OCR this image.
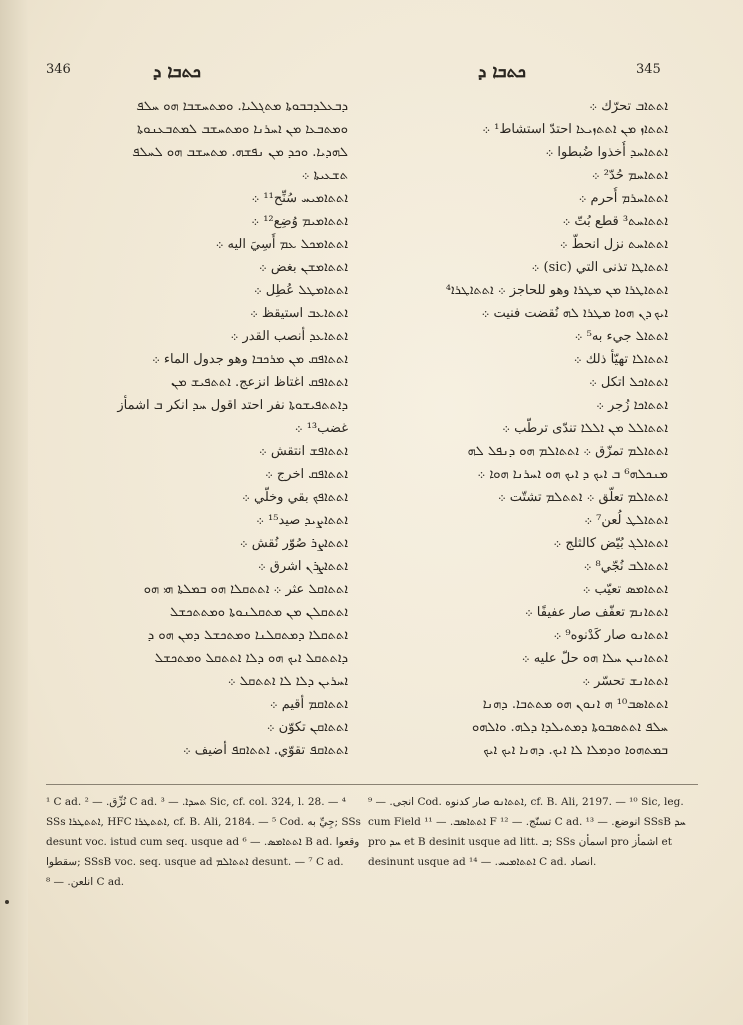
346	ܟܬܒܐ ܕ	ܟܬܒܐ ܕ	345
ܕܒܥܠܕܒܒܘܬܐ ܡܬܓܠܝܐ. ܘܡܬܚܫܒܐ ܗܘ ܚܠܦ
ܘܡܬܒܥܐ ܡܢ ܐܚܪܢܐ ܘܡܬܚܫܒ ܠܡܬܒܥܢܘܬܐ
ܠܗܕܝܐ. ܘܟܕ ܡܢ ܢܦܫܗ. ܡܬܚܫܒ ܗܘ ܠܚܠܦ
ܬܫܥܝܬܐ ܀
ܐܬܬܐܡܝܚ سُنِّح¹¹ ܀
ܐܬܬܐܡܝܡ وُضِع¹² ܀
ܐܬܬܐܡܟܠ ܥܡ أَسِيَ اليه ܀
ܐܬܬܐܡܫܢ بغض ܀
ܐܬܬܐܡܛܠ عُطِل ܀
ܐܬܬܐܥܒ استيقظ ܀
ܐܬܬܐܥܕ أنصب القدر ܀
ܐܬܬܐܦܩ ܡܢ ܡܪܟܒܐ وهو جدول الماء ܀
ܐܬܬܐܦܩ اغتاظ انزعج. ܐܬܬܦܝܫ ܡܢ
ܕܐܬܬܦܝܫܘܬܐ نفر احتد اقول ܚܕ انكر ܒ اشمأز
غضب¹³ ܀
ܐܬܬܐܦܫ انتقش ܀
ܐܬܬܐܦܩ اخرج ܀
ܐܬܬܐܦܟ بقي وخلّي ܀
ܐܬܬܐܨܝܕ صيد¹⁵ ܀
ܐܬܬܐܨܪ صُوّر نُقش ܀
ܐܬܬܐܨܪܢ اشرق ܀
ܐܬܬܐܩܠ عثر ܀ ܐܬܬܩܠܐ ܗܘ ܒܡܠܬܐ ܗܝ ܗܘ
ܐܬܬܩܠܢ ܡܢ ܡܬܩܠܢܘܬܐ ܘܡܬܬܟܫܠ
ܐܬܬܩܠܐ ܕܡܬܩܠܢܐ ܘܡܬܟܫܠ ܕܡܢ ܗܘ ܕ
ܕܐܬܬܩܠ ܐܝܟ ܗܘ ܕܠܐ ܐܬܬܩܠ ܘܡܬܟܫܠ
ܐܚܪܝܢ ܕܠܐ ܠܐ ܐܬܬܩܠ ܀
ܐܬܬܐܩܡ أقيم ܀
ܐܬܬܐܩܢ تكوّن ܀
ܐܬܬܐܩܦ تقوّي. ܐܬܬܐܩܦ أضيف ܀
ܐܬܬܐܒ تحرّك ܀
ܐܬܬܐܙ ܡܢ ܐܬܬܙܝܥܐ احتدّ استشاط¹ ܀
ܐܬܬܐܚܕ أُخذوا ضُبطوا ܀
ܐܬܬܐܚܡ حُدّ² ܀
ܐܬܬܐܚܪܡ أُحرم ܀
ܐܬܬܐܚܬ³ قطع بُتّ ܀
ܐܬܬܐܚܬ نزل انحطّ ܀
ܐܬܬܐܛܐ تذنى التي (sic) ܀
ܐܬܬܐܛܪܐ ܡܢ ܡܛܪܐ وهو للحاجز ܀ ܐܬܬܐܛܪܐ⁴
ܐܝܟ ܕܢ ܗܘܐ ܡܛܪܐ ܠܗ نُقضت فنيت ܀
ܐܬܬܐܠ جيء به⁵ ܀
ܐܬܬܐܠܐ تهيّأ ذلك ܀
ܐܬܬܐܟܠ اتكل ܀
ܐܬܬܐܟܐ زُجر ܀
ܐܬܬܐܠܠ ܡܢ ܐܠܠܐ تندّى ترطّب ܀
ܐܬܬܐܠܡ تمزّق ܀ ܐܬܬܐܠܡ ܗܘ ܕܢܦܠ ܠܗ
ܡܢܟܠܗ⁶ ܒ ܐܝܟ ܕ ܐܝܟ ܗܘ ܐܚܪܢܐ ܗܘܐ ܀
ܐܬܬܐܠܡ تعلّق ܀ ܐܬܬܠܡ تشتّت ܀
ܐܬܬܐܠܛ لُعن⁷ ܀
ܐܬܬܐܠܓ بُيّض كالثلج ܀
ܐܬܬܐܠܒ نُجّي⁸ ܀
ܐܬܬܐܡܣ تعيّب ܀
ܐܬܬܐܢܡ تعفّف صار عفيفًا ܀
ܐܬܬܐܢܘ صار كَدْنوه⁹ ܀
ܐܬܬܐܢܝܢ ܚܠܐ ܗܘ حلّ عليه ܀
ܐܬܬܐܢܫ تحسّر ܀
ܐܬܬܐܣܒ¹⁰ ܗ ܐܢܘܢ ܗܘ ܡܬܬܒܐ. ܕܗܢܐ
ܚܠܦ ܐܬܬܣܒܘܬܐ ܕܡܬܝܠܕܐ ܕܠܗ. ܘܐܠܗܘ
ܒܡܬܗܘܐ ܘܕܡܠܐ ܠܐ ܐܝܟ. ܕܗܢܐ ܐܝܟ ܐܝܟ
¹ C ad. نُزِّق. — ² C ad. ܬܚܕܐ. — ³ Sic, cf. col. 324, l. 28. — ⁴ SSs ܐܬܬܛܪܐ, HFC ܐܬܬܛܪܐ, cf. B. Ali, 2184. — ⁵ Cod. جِيِّ به; SSs desunt voc. istud cum seq. usque ad ܐܬܬܐܡܣ. — ⁶ B ad. وقعوا سقطوا; SSsB voc. seq. usque ad ܐܬܬܐܠܡ desunt. — ⁷ C ad. انلعن. — ⁸ C ad.
انجى. — ⁹ Cod. ܐܬܬܐܢܘ صار كدنوه, cf. B. Ali, 2197. — ¹⁰ Sic, leg. cum Field ܐܬܬܐܣܒ. — ¹¹ F تسنّج. — ¹² C ad. انوضع. — ¹³ SSsB ܚܕ pro ܚܕ et B desinit usque ad litt. ܒ; SSs اسمأن pro اشمأز et desinunt usque ad ܐܬܬܐܡܝܚ. — ¹⁴ C ad. انصاد.
